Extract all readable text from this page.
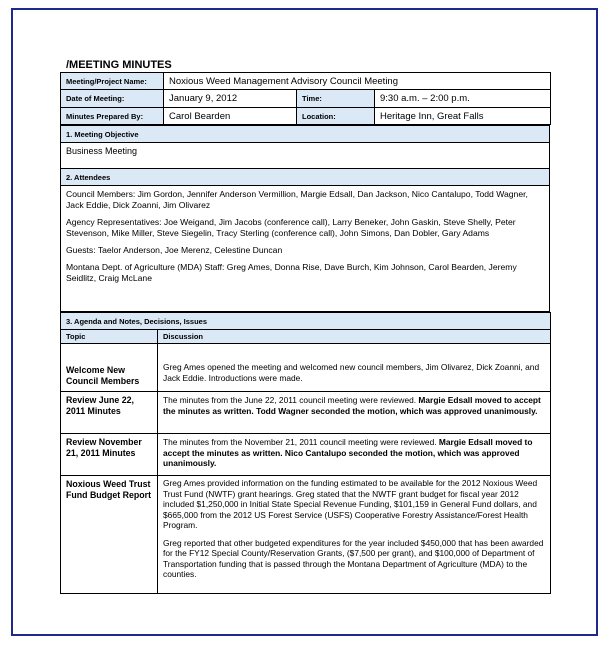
/MEETING MINUTES
Meeting/Project Name:	Noxious Weed Management Advisory Council Meeting		
Date of Meeting:	January 9, 2012	Time:	9:30 a.m. – 2:00 p.m.
Minutes Prepared By:	Carol Bearden	Location:	Heritage Inn, Great Falls
1. Meeting Objective
Business Meeting
2. Attendees

Council Members: Jim Gordon, Jennifer Anderson Vermillion, Margie Edsall, Dan Jackson, Nico Cantalupo, Todd Wagner, Jack Eddie, Dick Zoanni, Jim Olivarez

Agency Representatives: Joe Weigand, Jim Jacobs (conference call), Larry Beneker, John Gaskin, Steve Shelly, Peter Stevenson, Mike Miller, Steve Siegelin, Tracy Sterling (conference call), John Simons, Dan Dobler, Gary Adams

Guests: Taelor Anderson, Joe Merenz, Celestine Duncan

Montana Dept. of Agriculture (MDA) Staff: Greg Ames, Donna Rise, Dave Burch, Kim Johnson, Carol Bearden, Jeremy Seidlitz, Craig McLane

3. Agenda and Notes, Decisions, Issues	
Topic	Discussion
Welcome New Council Members	Greg Ames opened the meeting and welcomed new council members, Jim Olivarez, Dick Zoanni, and Jack Eddie. Introductions were made.
Review June 22, 2011 Minutes	The minutes from the June 22, 2011 council meeting were reviewed. Margie Edsall moved to accept the minutes as written. Todd Wagner seconded the motion, which was approved unanimously.
Review November 21, 2011 Minutes	The minutes from the November 21, 2011 council meeting were reviewed. Margie Edsall moved to accept the minutes as written. Nico Cantalupo seconded the motion, which was approved unanimously.
Noxious Weed Trust Fund Budget Report	Greg Ames provided information on the funding estimated to be available for the 2012 Noxious Weed Trust Fund (NWTF) grant hearings. Greg stated that the NWTF grant budget for fiscal year 2012 included $1,250,000 in Initial State Special Revenue Funding, $101,159 in General Fund dollars, and $665,000 from the 2012 US Forest Service (USFS) Cooperative Forestry Assistance/Forest Health Program.

Greg reported that other budgeted expenditures for the year included $450,000 that has been awarded for the FY12 Special County/Reservation Grants, ($7,500 per grant), and $100,000 of Department of Transportation funding that is passed through the Montana Department of Agriculture (MDA) to the counties.
